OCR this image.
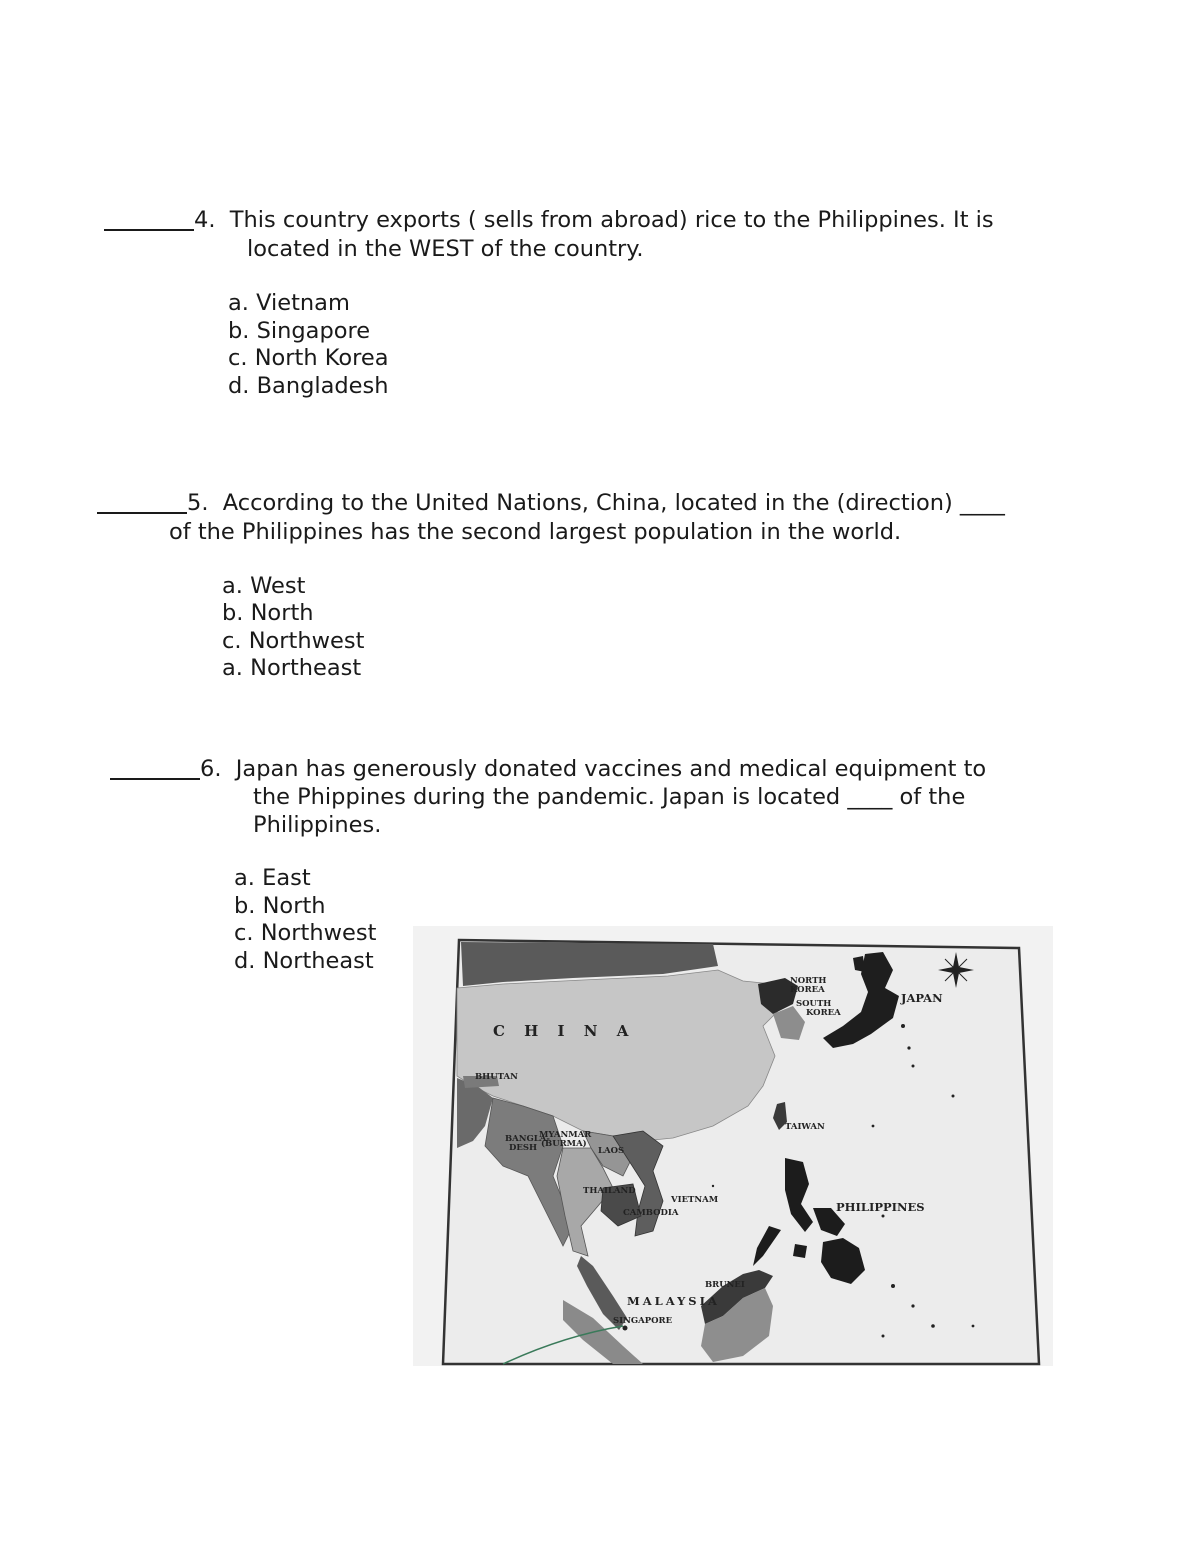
4. This country exports ( sells from abroad) rice to the Philippines. It is
located in the WEST of the country.
a. Vietnam
b. Singapore
c. North Korea
d. Bangladesh
5. According to the United Nations, China, located in the (direction) ____
of the Philippines has the second largest population in the world.
a. West
b. North
c. Northwest
a. Northeast
6. Japan has generously donated vaccines and medical equipment to
the Phippines during the pandemic. Japan is located ____ of the
Philippines.
a. East
b. North
c. Northwest
d. Northeast
C H I N A
JAPAN
NORTH
KOREA
SOUTH
KOREA
BHUTAN
BANGLA-
DESH
MYANMAR
(BURMA)
LAOS
THAILAND
VIETNAM
CAMBODIA
TAIWAN
PHILIPPINES
BRUNEI
MALAYSIA
SINGAPORE
